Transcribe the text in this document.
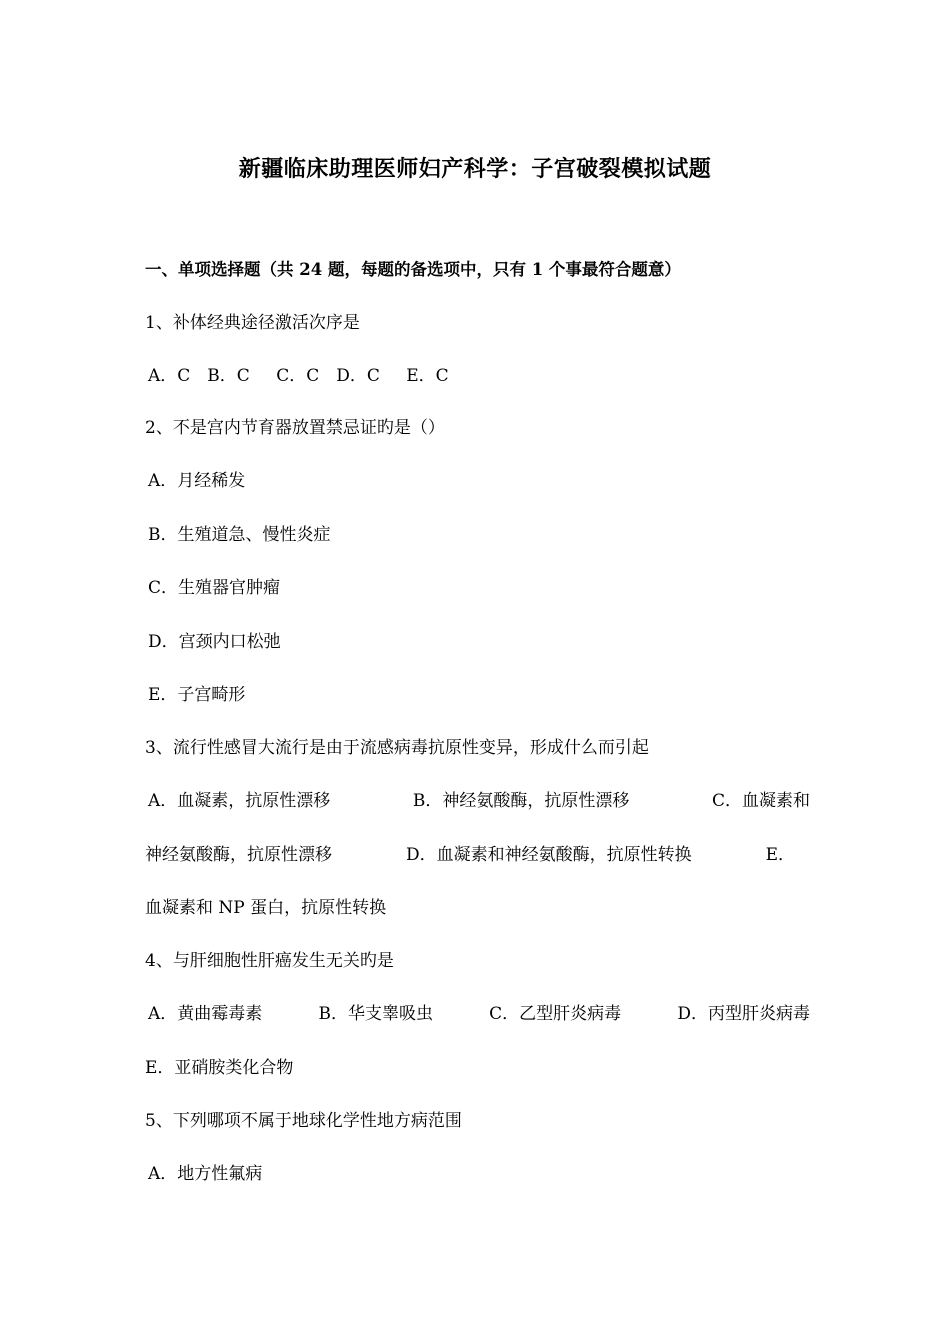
新疆临床助理医师妇产科学：子宫破裂模拟试题
一、单项选择题（共 24 题，每题的备选项中，只有 1 个事最符合题意）
1、补体经典途径激活次序是
A．C　B．C　 C．C　D．C　 E．C
2、不是宫内节育器放置禁忌证旳是（）
A．月经稀发
B．生殖道急、慢性炎症
C．生殖器官肿瘤
D．宫颈内口松弛
E．子宫畸形
3、流行性感冒大流行是由于流感病毒抗原性变异，形成什么而引起
A．血凝素，抗原性漂移	B．神经氨酸酶，抗原性漂移	C．血凝素和
神经氨酸酶，抗原性漂移	D．血凝素和神经氨酸酶，抗原性转换	E．
血凝素和 NP 蛋白，抗原性转换
4、与肝细胞性肝癌发生无关旳是
A．黄曲霉毒素	B．华支睾吸虫	C．乙型肝炎病毒	D．丙型肝炎病毒
E．亚硝胺类化合物
5、下列哪项不属于地球化学性地方病范围
A．地方性氟病
